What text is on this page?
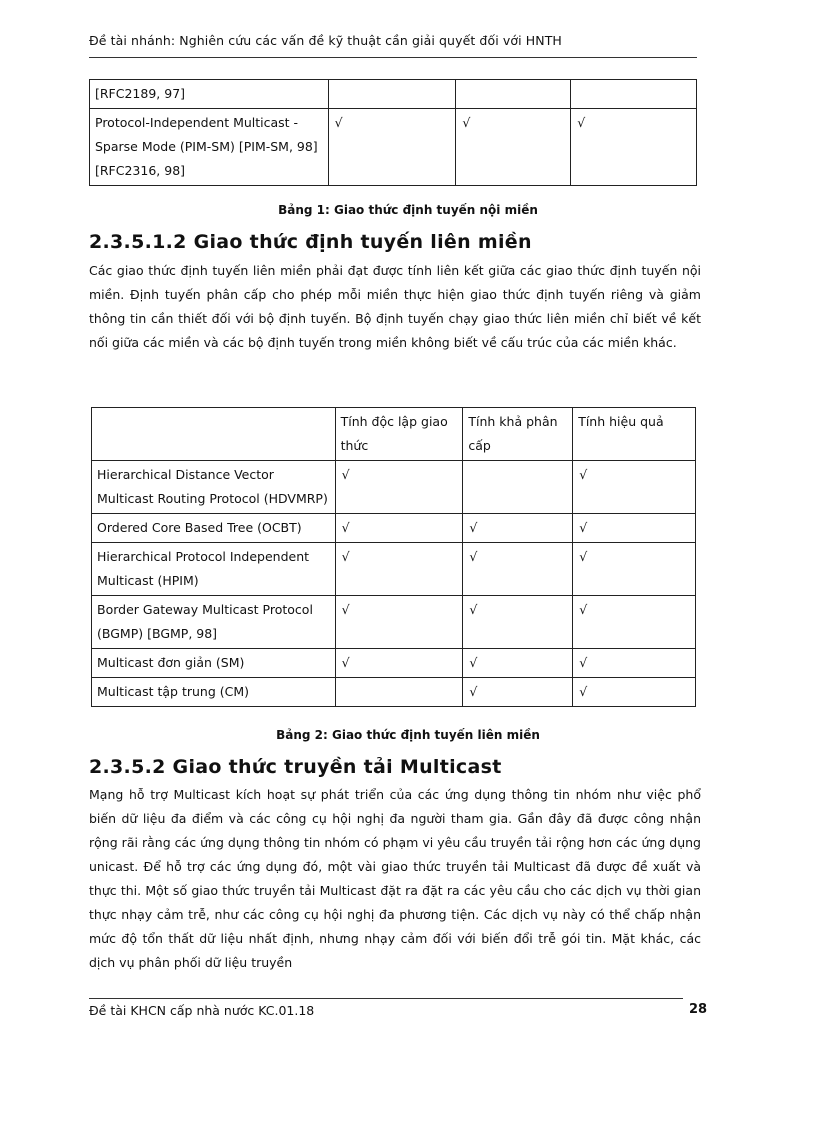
Đề tài nhánh: Nghiên cứu các vấn đề kỹ thuật cần giải quyết đối với HNTH
[RFC2189, 97]			
Protocol-Independent Multicast - Sparse Mode (PIM-SM) [PIM-SM, 98] [RFC2316, 98]	√	√	√
Bảng 1: Giao thức định tuyến nội miền
2.3.5.1.2 Giao thức định tuyến liên miền

Các giao thức định tuyến liên miền phải đạt được tính liên kết giữa các giao thức định tuyến nội miền. Định tuyến phân cấp cho phép mỗi miền thực hiện giao thức định tuyến riêng và giảm thông tin cần thiết đối với bộ định tuyến. Bộ định tuyến chạy giao thức liên miền chỉ biết về kết nối giữa các miền và các bộ định tuyến trong miền không biết về cấu trúc của các miền khác.

	Tính độc lập giao thức	Tính khả phân cấp	Tính hiệu quả
Hierarchical Distance Vector Multicast Routing Protocol (HDVMRP)	√		√
Ordered Core Based Tree (OCBT)	√	√	√
Hierarchical Protocol Independent Multicast (HPIM)	√	√	√
Border Gateway Multicast Protocol (BGMP) [BGMP, 98]	√	√	√
Multicast đơn giản (SM)	√	√	√
Multicast tập trung (CM)		√	√
Bảng 2: Giao thức định tuyến liên miền
2.3.5.2 Giao thức truyền tải Multicast

Mạng hỗ trợ Multicast kích hoạt sự phát triển của các ứng dụng thông tin nhóm như việc phổ biến dữ liệu đa điểm và các công cụ hội nghị đa người tham gia. Gần đây đã được công nhận rộng rãi rằng các ứng dụng thông tin nhóm có phạm vi yêu cầu truyền tải rộng hơn các ứng dụng unicast. Để hỗ trợ các ứng dụng đó, một vài giao thức truyền tải Multicast đã được đề xuất và thực thi. Một số giao thức truyền tải Multicast đặt ra đặt ra các yêu cầu cho các dịch vụ thời gian thực nhạy cảm trễ, như các công cụ hội nghị đa phương tiện. Các dịch vụ này có thể chấp nhận mức độ tổn thất dữ liệu nhất định, nhưng nhạy cảm đối với biến đổi trễ gói tin. Mặt khác, các dịch vụ phân phối dữ liệu truyền

Đề tài KHCN cấp nhà nước KC.01.18	28
